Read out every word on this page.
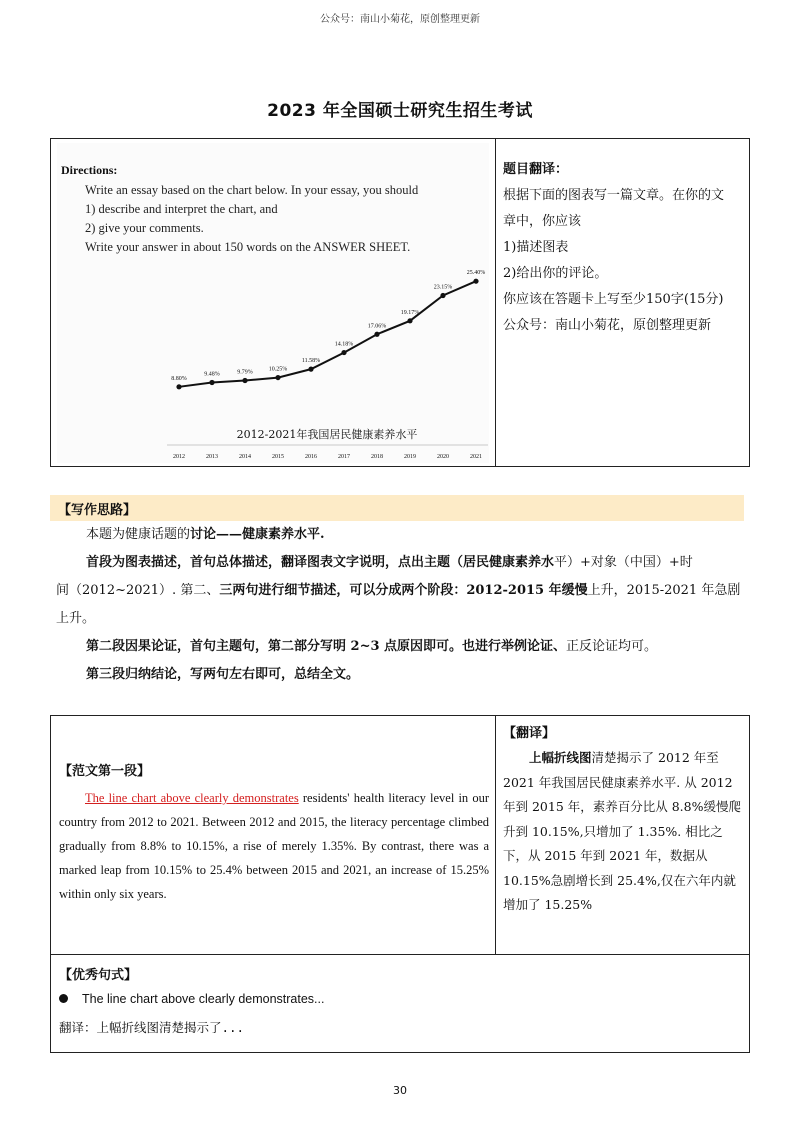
公众号：南山小菊花，原创整理更新
2023 年全国硕士研究生招生考试
Directions:
Write an essay based on the chart below. In your essay, you should
1) describe and interpret the chart, and
2) give your comments.
Write your answer in about 150 words on the ANSWER SHEET.
8.80%
9.48%	9.79%	10.25%
11.58%
14.18%
17.06%
19.17%
23.15%
25.40%
2012	2013	2014	2015	2016	2017	2018	2019	2020	2021
2012-2021年我国居民健康素养水平
题目翻译：
根据下面的图表写一篇文章。在你的文
章中，你应该
1)描述图表
2)给出你的评论。
你应该在答题卡上写至少150字(15分)
公众号：南山小菊花，原创整理更新
【写作思路】
本题为健康话题的讨论——健康素养水平.
首段为图表描述，首句总体描述，翻译图表文字说明，点出主题（居民健康素养水平）+对象（中国）+时
间（2012~2021）. 第二、三两句进行细节描述，可以分成两个阶段：2012-2015 年缓慢上升，2015-2021 年急剧
上升。
第二段因果论证，首句主题句，第二部分写明 2~3 点原因即可。也进行举例论证、正反论证均可。
第三段归纳结论，写两句左右即可，总结全文。
【范文第一段】
The line chart above clearly demonstrates residents' health literacy level in our country from 2012 to 2021. Between 2012 and 2015, the literacy percentage climbed gradually from 8.8% to 10.15%, a rise of merely 1.35%. By contrast, there was a marked leap from 10.15% to 25.4% between 2015 and 2021, an increase of 15.25% within only six years.
【翻译】
上幅折线图清楚揭示了 2012 年至 2021 年我国居民健康素养水平. 从 2012 年到 2015 年，素养百分比从 8.8%缓慢爬升到 10.15%,只增加了 1.35%. 相比之下，从 2015 年到 2021 年，数据从 10.15%急剧增长到 25.4%,仅在六年内就增加了 15.25%
【优秀句式】
The line chart above clearly demonstrates...
翻译：上幅折线图清楚揭示了...
30
